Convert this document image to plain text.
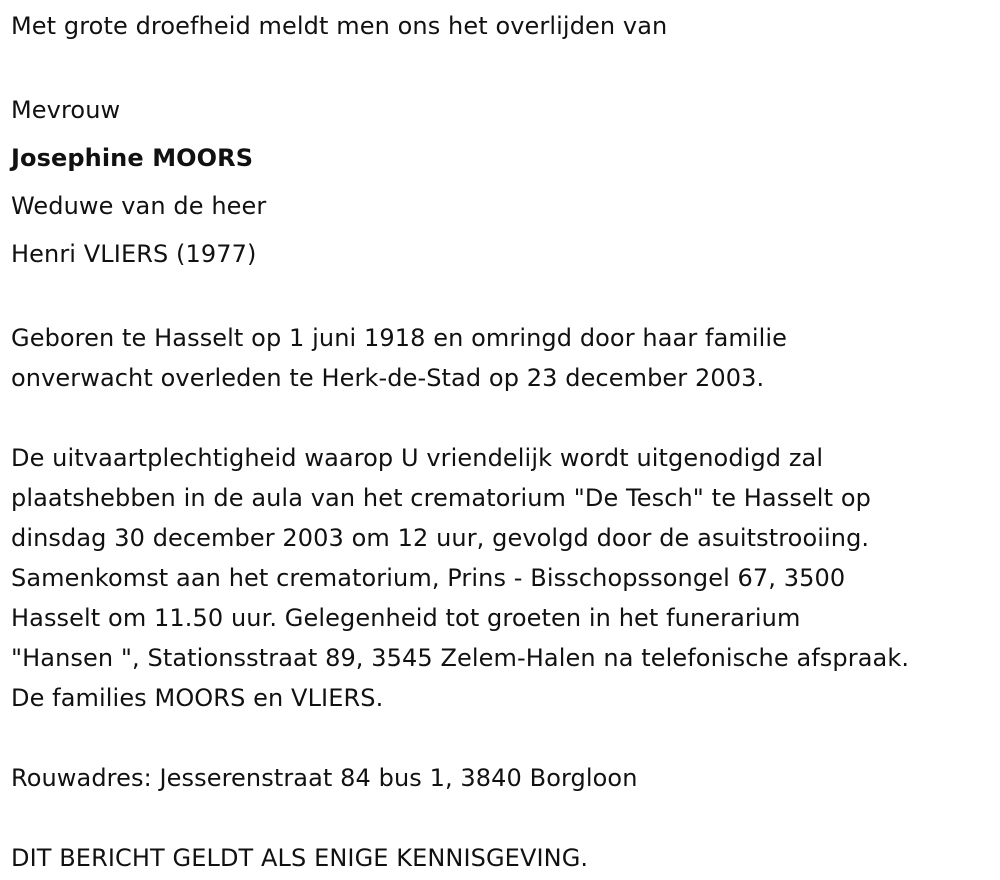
Met grote droefheid meldt men ons het overlijden van
Mevrouw
Josephine MOORS
Weduwe van de heer
Henri VLIERS (1977)
Geboren te Hasselt op 1 juni 1918 en omringd door haar familie
onverwacht overleden te Herk-de-Stad op 23 december 2003.
De uitvaartplechtigheid waarop U vriendelijk wordt uitgenodigd zal
plaatshebben in de aula van het crematorium "De Tesch" te Hasselt op
dinsdag 30 december 2003 om 12 uur, gevolgd door de asuitstrooiing.
Samenkomst aan het crematorium, Prins - Bisschopssongel 67, 3500
Hasselt om 11.50 uur. Gelegenheid tot groeten in het funerarium
"Hansen ", Stationsstraat 89, 3545 Zelem-Halen na telefonische afspraak.
De families MOORS en VLIERS.
Rouwadres: Jesserenstraat 84 bus 1, 3840 Borgloon
DIT BERICHT GELDT ALS ENIGE KENNISGEVING.
